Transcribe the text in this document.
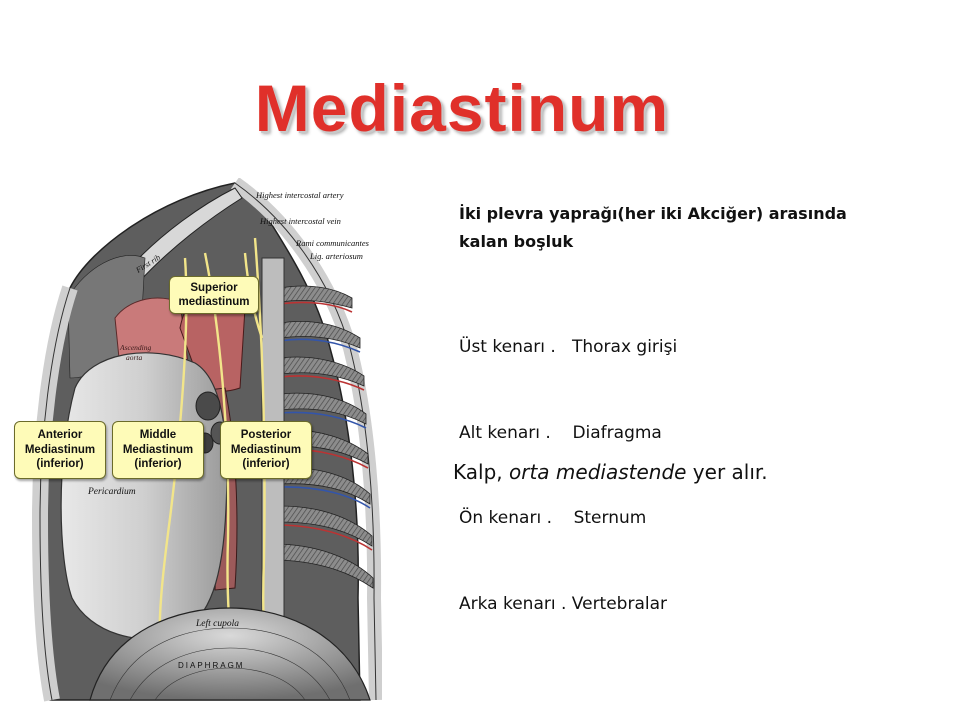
Mediastinum
Highest intercostal artery
Highest intercostal vein
Rami communicantes
Lig. arteriosum
First rib
Ascending
aorta
Pericardium
Left cupola
DIAPHRAGM
Superior
mediastinum
Anterior
Mediastinum
(inferior)
Middle
Mediastinum
(inferior)
Posterior
Mediastinum
(inferior)
İki plevra yaprağı(her iki Akciğer) arasında
kalan boşluk

Üst kenarı .   Thorax girişi

Alt kenarı .    Diafragma

Ön kenarı .    Sternum

Arka kenarı . Vertebralar

Kalp, orta mediastende yer alır.
